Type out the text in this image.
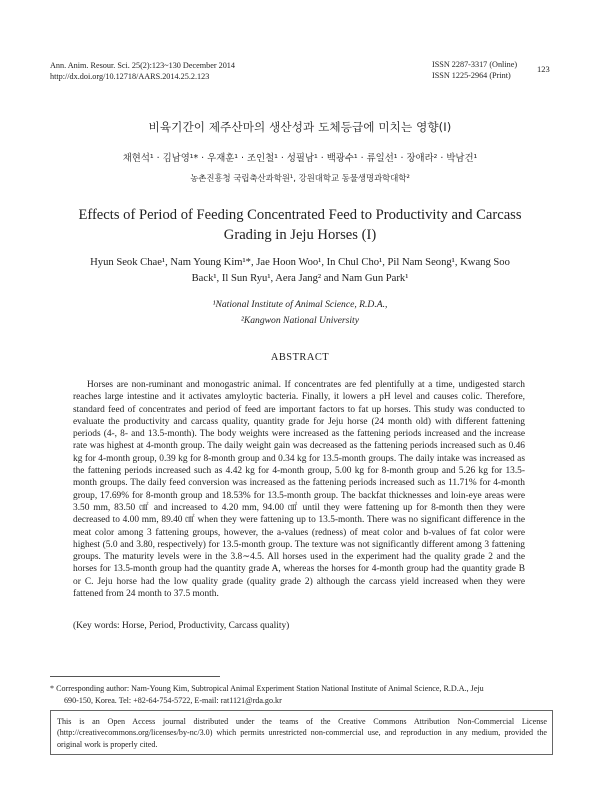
Ann. Anim. Resour. Sci. 25(2):123~130 December 2014
http://dx.doi.org/10.12718/AARS.2014.25.2.123
ISSN 2287-3317 (Online)
ISSN 1225-2964 (Print)
123
비육기간이 제주산마의 생산성과 도체등급에 미치는 영향(I)
채현석¹ · 김남영¹* · 우재훈¹ · 조인철¹ · 성필남¹ · 백광수¹ · 류일선¹ · 장애라² · 박남건¹
농촌진흥청 국립축산과학원¹, 강원대학교 동물생명과학대학²
Effects of Period of Feeding Concentrated Feed to Productivity and Carcass
Grading in Jeju Horses (I)
Hyun Seok Chae¹, Nam Young Kim¹*, Jae Hoon Woo¹, In Chul Cho¹, Pil Nam Seong¹, Kwang Soo
Back¹, Il Sun Ryu¹, Aera Jang² and Nam Gun Park¹
¹National Institute of Animal Science, R.D.A.,
²Kangwon National University
ABSTRACT

Horses are non-ruminant and monogastric animal. If concentrates are fed plentifully at a time, undigested starch reaches large intestine and it activates amyloytic bacteria. Finally, it lowers a pH level and causes colic. Therefore, standard feed of concentrates and period of feed are important factors to fat up horses. This study was conducted to evaluate the productivity and carcass quality, quantity grade for Jeju horse (24 month old) with different fattening periods (4-, 8- and 13.5-month). The body weights were increased as the fattening periods increased and the increase rate was highest at 4-month group. The daily weight gain was decreased as the fattening periods increased such as 0.46 kg for 4-month group, 0.39 kg for 8-month group and 0.34 kg for 13.5-month groups. The daily intake was increased as the fattening periods increased such as 4.42 kg for 4-month group, 5.00 kg for 8-month group and 5.26 kg for 13.5-month groups. The daily feed conversion was increased as the fattening periods increased such as 11.71% for 4-month group, 17.69% for 8-month group and 18.53% for 13.5-month group. The backfat thicknesses and loin-eye areas were 3.50 mm, 83.50 ㎠ and increased to 4.20 mm, 94.00 ㎠ until they were fattening up for 8-month then they were decreased to 4.00 mm, 89.40 ㎠ when they were fattening up to 13.5-month. There was no significant difference in the meat color among 3 fattening groups, however, the a-values (redness) of meat color and b-values of fat color were highest (5.0 and 3.80, respectively) for 13.5-month group. The texture was not significantly different among 3 fattening groups. The maturity levels were in the 3.8∼4.5. All horses used in the experiment had the quality grade 2 and the horses for 13.5-month group had the quantity grade A, whereas the horses for 4-month group had the quantity grade B or C. Jeju horse had the low quality grade (quality grade 2) although the carcass yield increased when they were fattened from 24 month to 37.5 month.

(Key words: Horse, Period, Productivity, Carcass quality)
* Corresponding author: Nam-Young Kim, Subtropical Animal Experiment Station National Institute of Animal Science, R.D.A., Jeju
690-150, Korea. Tel: +82-64-754-5722, E-mail: rat1121@rda.go.kr
This is an Open Access journal distributed under the teams of the Creative Commons Attribution Non-Commercial License (http://creativecommons.org/licenses/by-nc/3.0) which permits unrestricted non-commercial use, and reproduction in any medium, provided the original work is properly cited.
